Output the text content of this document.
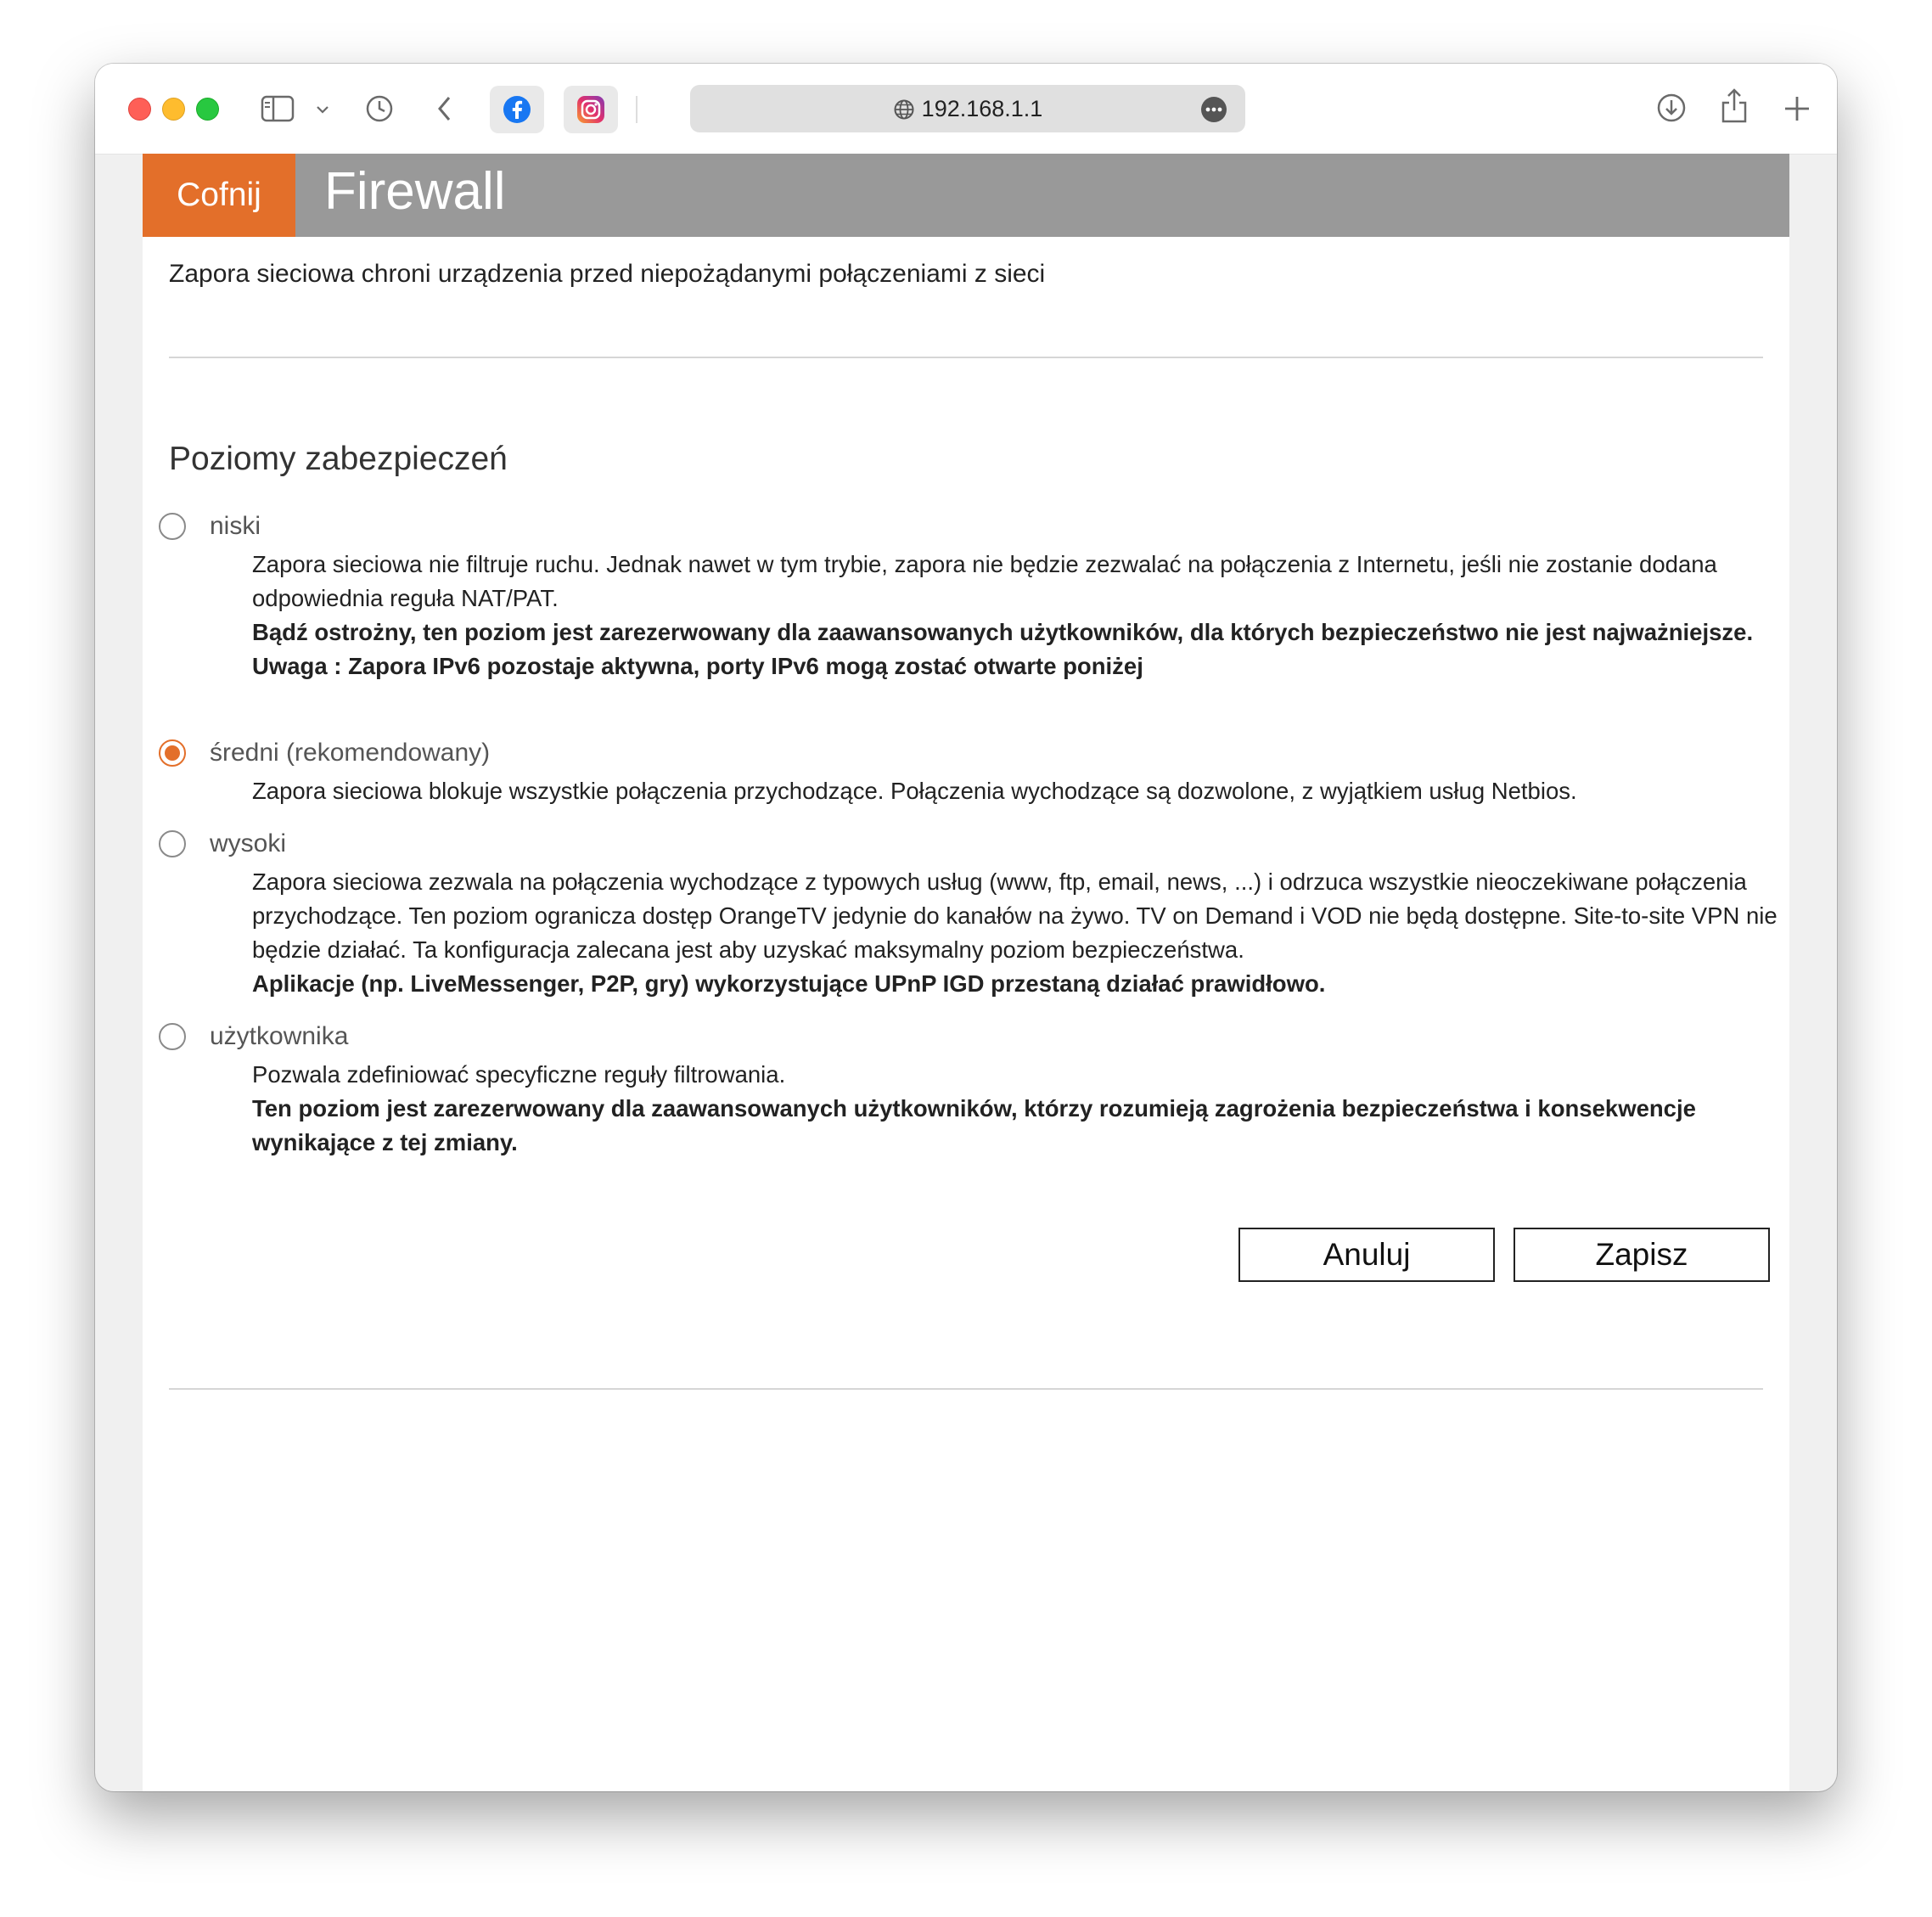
192.168.1.1
Cofnij	Firewall
Zapora sieciowa chroni urządzenia przed niepożądanymi połączeniami z sieci
Poziomy zabezpieczeń
niski

Zapora sieciowa nie filtruje ruchu. Jednak nawet w tym trybie, zapora nie będzie zezwalać na połączenia z Internetu, jeśli nie zostanie dodana odpowiednia reguła NAT/PAT.

Bądź ostrożny, ten poziom jest zarezerwowany dla zaawansowanych użytkowników, dla których bezpieczeństwo nie jest najważniejsze.

Uwaga : Zapora IPv6 pozostaje aktywna, porty IPv6 mogą zostać otwarte poniżej

średni (rekomendowany)

Zapora sieciowa blokuje wszystkie połączenia przychodzące. Połączenia wychodzące są dozwolone, z wyjątkiem usług Netbios.

wysoki

Zapora sieciowa zezwala na połączenia wychodzące z typowych usług (www, ftp, email, news, ...) i odrzuca wszystkie nieoczekiwane połączenia przychodzące. Ten poziom ogranicza dostęp OrangeTV jedynie do kanałów na żywo. TV on Demand i VOD nie będą dostępne. Site-to-site VPN nie będzie działać. Ta konfiguracja zalecana jest aby uzyskać maksymalny poziom bezpieczeństwa.

Aplikacje (np. LiveMessenger, P2P, gry) wykorzystujące UPnP IGD przestaną działać prawidłowo.

użytkownika

Pozwala zdefiniować specyficzne reguły filtrowania.

Ten poziom jest zarezerwowany dla zaawansowanych użytkowników, którzy rozumieją zagrożenia bezpieczeństwa i konsekwencje wynikające z tej zmiany.

Anuluj	Zapisz
